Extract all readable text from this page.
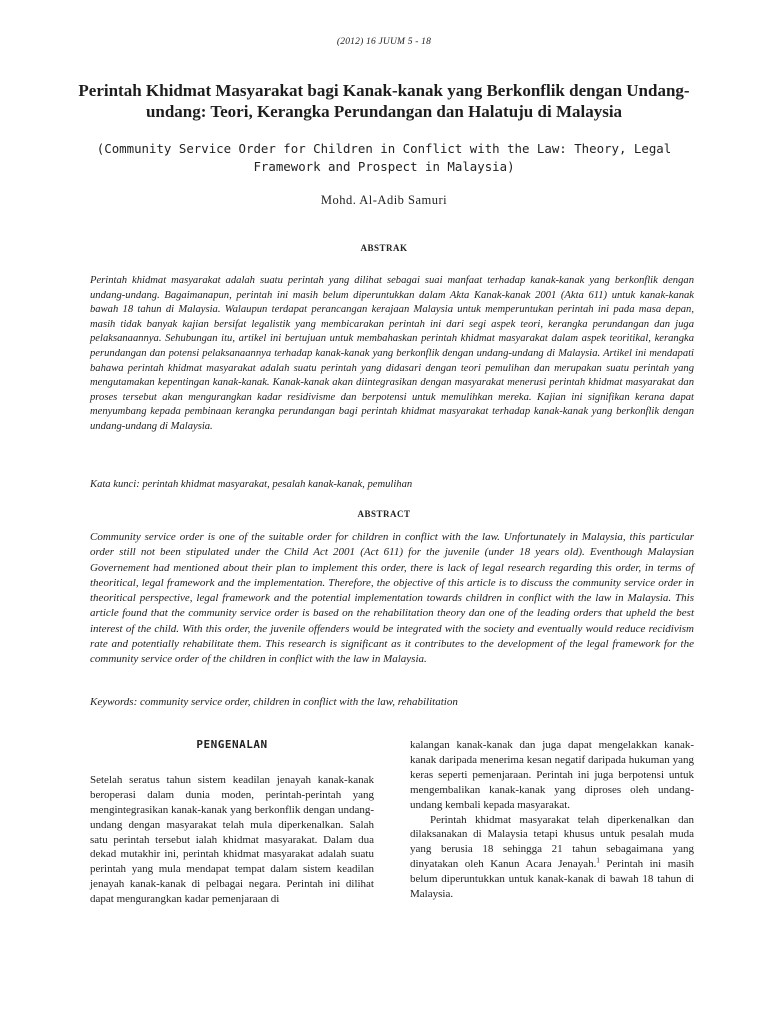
(2012) 16 JUUM 5 - 18
Perintah Khidmat Masyarakat bagi Kanak-kanak yang Berkonflik dengan Undang-undang: Teori, Kerangka Perundangan dan Halatuju di Malaysia

(Community Service Order for Children in Conflict with the Law: Theory, Legal Framework and Prospect in Malaysia)

Mohd. Al-Adib Samuri
ABSTRAK

Perintah khidmat masyarakat adalah suatu perintah yang dilihat sebagai suai manfaat terhadap kanak-kanak yang berkonflik dengan undang-undang. Bagaimanapun, perintah ini masih belum diperuntukkan dalam Akta Kanak-kanak 2001 (Akta 611) untuk kanak-kanak bawah 18 tahun di Malaysia. Walaupun terdapat perancangan kerajaan Malaysia untuk memperuntukan perintah ini pada masa depan, masih tidak banyak kajian bersifat legalistik yang membicarakan perintah ini dari segi aspek teori, kerangka perundangan dan juga pelaksanaannya. Sehubungan itu, artikel ini bertujuan untuk membahaskan perintah khidmat masyarakat dalam aspek teoritikal, kerangka perundangan dan potensi pelaksanaannya terhadap kanak-kanak yang berkonflik dengan undang-undang di Malaysia. Artikel ini mendapati bahawa perintah khidmat masyarakat adalah suatu perintah yang didasari dengan teori pemulihan dan merupakan suatu perintah yang mengutamakan kepentingan kanak-kanak. Kanak-kanak akan diintegrasikan dengan masyarakat menerusi perintah khidmat masyarakat dan proses tersebut akan mengurangkan kadar residivisme dan berpotensi untuk memulihkan mereka. Kajian ini signifikan kerana dapat menyumbang kepada pembinaan kerangka perundangan bagi perintah khidmat masyarakat terhadap kanak-kanak yang berkonflik dengan undang-undang di Malaysia.

Kata kunci: perintah khidmat masyarakat, pesalah kanak-kanak, pemulihan

ABSTRACT

Community service order is one of the suitable order for children in conflict with the law. Unfortunately in Malaysia, this particular order still not been stipulated under the Child Act 2001 (Act 611) for the juvenile (under 18 years old). Eventhough Malaysian Governement had mentioned about their plan to implement this order, there is lack of legal research regarding this order, in terms of theoritical, legal framework and the implementation. Therefore, the objective of this article is to discuss the community service order in theoritical perspective, legal framework and the potential implementation towards children in conflict with the law in Malaysia. This article found that the community service order is based on the rehabilitation theory dan one of the leading orders that upheld the best interest of the child. With this order, the juvenile offenders would be integrated with the society and eventually would reduce recidivism rate and potentially rehabilitate them. This research is significant as it contributes to the development of the legal framework for the community service order of the children in conflict with the law in Malaysia.

Keywords: community service order, children in conflict with the law, rehabilitation

PENGENALAN

Setelah seratus tahun sistem keadilan jenayah kanak-kanak beroperasi dalam dunia moden, perintah-perintah yang mengintegrasikan kanak-kanak yang berkonflik dengan undang-undang dengan masyarakat telah mula diperkenalkan. Salah satu perintah tersebut ialah khidmat masyarakat. Dalam dua dekad mutakhir ini, perintah khidmat masyarakat adalah suatu perintah yang mula mendapat tempat dalam sistem keadilan jenayah kanak-kanak di pelbagai negara. Perintah ini dilihat dapat mengurangkan kadar pemenjaraan di

kalangan kanak-kanak dan juga dapat mengelakkan kanak-kanak daripada menerima kesan negatif daripada hukuman yang keras seperti pemenjaraan. Perintah ini juga berpotensi untuk mengembalikan kanak-kanak yang diproses oleh undang-undang kembali kepada masyarakat.

Perintah khidmat masyarakat telah diperkenalkan dan dilaksanakan di Malaysia tetapi khusus untuk pesalah muda yang berusia 18 sehingga 21 tahun sebagaimana yang dinyatakan oleh Kanun Acara Jenayah.$^1$ Perintah ini masih belum diperuntukkan untuk kanak-kanak di bawah 18 tahun di Malaysia.
